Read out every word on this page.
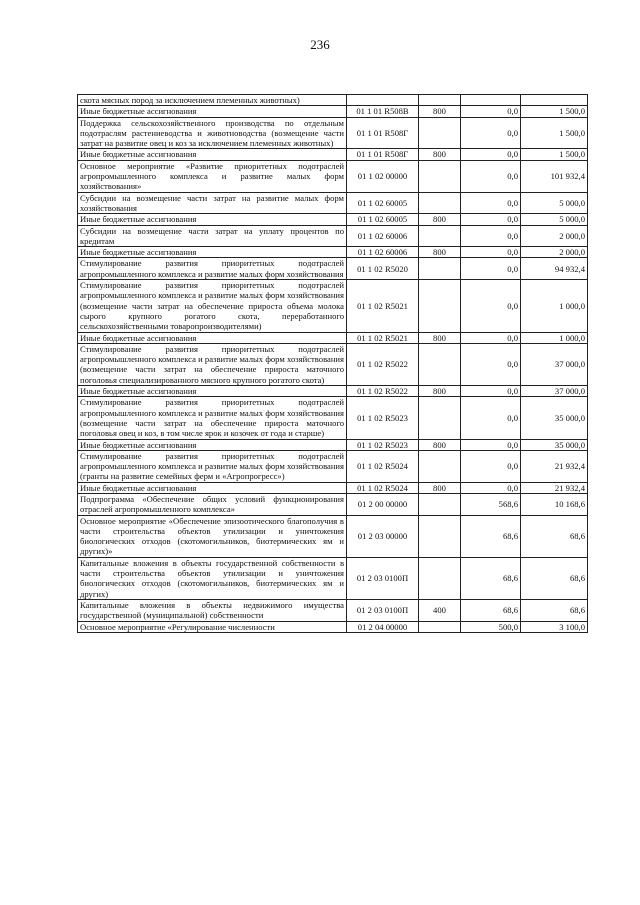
236
скота мясных пород за исключением племенных животных)				
Иные бюджетные ассигнования	01 1 01 R508В	800	0,0	1 500,0
Поддержка сельскохозяйственного производства по отдельным подотраслям растениеводства и животноводства (возмещение части затрат на развитие овец и коз за исключением племенных животных)	01 1 01 R508Г		0,0	1 500,0
Иные бюджетные ассигнования	01 1 01 R508Г	800	0,0	1 500,0
Основное мероприятие «Развитие приоритетных подотраслей агропромышленного комплекса и развитие малых форм хозяйствования»	01 1 02 00000		0,0	101 932,4
Субсидии на возмещение части затрат на развитие малых форм хозяйствования	01 1 02 60005		0,0	5 000,0
Иные бюджетные ассигнования	01 1 02 60005	800	0,0	5 000,0
Субсидии на возмещение части затрат на уплату процентов по кредитам	01 1 02 60006		0,0	2 000,0
Иные бюджетные ассигнования	01 1 02 60006	800	0,0	2 000,0
Стимулирование развития приоритетных подотраслей агропромышленного комплекса и развитие малых форм хозяйствования	01 1 02 R5020		0,0	94 932,4
Стимулирование развития приоритетных подотраслей агропромышленного комплекса и развитие малых форм хозяйствования (возмещение части затрат на обеспечение прироста объема молока сырого крупного рогатого скота, переработанного сельскохозяйственными товаропроизводителями)	01 1 02 R5021		0,0	1 000,0
Иные бюджетные ассигнования	01 1 02 R5021	800	0,0	1 000,0
Стимулирование развития приоритетных подотраслей агропромышленного комплекса и развитие малых форм хозяйствования (возмещение части затрат на обеспечение прироста маточного поголовья специализированного мясного крупного рогатого скота)	01 1 02 R5022		0,0	37 000,0
Иные бюджетные ассигнования	01 1 02 R5022	800	0,0	37 000,0
Стимулирование развития приоритетных подотраслей агропромышленного комплекса и развитие малых форм хозяйствования (возмещение части затрат на обеспечение прироста маточного поголовья овец и коз, в том числе ярок и козочек от года и старше)	01 1 02 R5023		0,0	35 000,0
Иные бюджетные ассигнования	01 1 02 R5023	800	0,0	35 000,0
Стимулирование развития приоритетных подотраслей агропромышленного комплекса и развитие малых форм хозяйствования (гранты на развитие семейных ферм и «Агропрогресс»)	01 1 02 R5024		0,0	21 932,4
Иные бюджетные ассигнования	01 1 02 R5024	800	0,0	21 932,4
Подпрограмма «Обеспечение общих условий функционирования отраслей агропромышленного комплекса»	01 2 00 00000		568,6	10 168,6
Основное мероприятие «Обеспечение эпизоотического благополучия в части строительства объектов утилизации и уничтожения биологических отходов (скотомогильников, биотермических ям и других)»	01 2 03 00000		68,6	68,6
Капитальные вложения в объекты государственной собственности в части строительства объектов утилизации и уничтожения биологических отходов (скотомогильников, биотермических ям и других)	01 2 03 0100П		68,6	68,6
Капитальные вложения в объекты недвижимого имущества государственной (муниципальной) собственности	01 2 03 0100П	400	68,6	68,6
Основное мероприятие «Регулирование численности	01 2 04 00000		500,0	3 100,0
